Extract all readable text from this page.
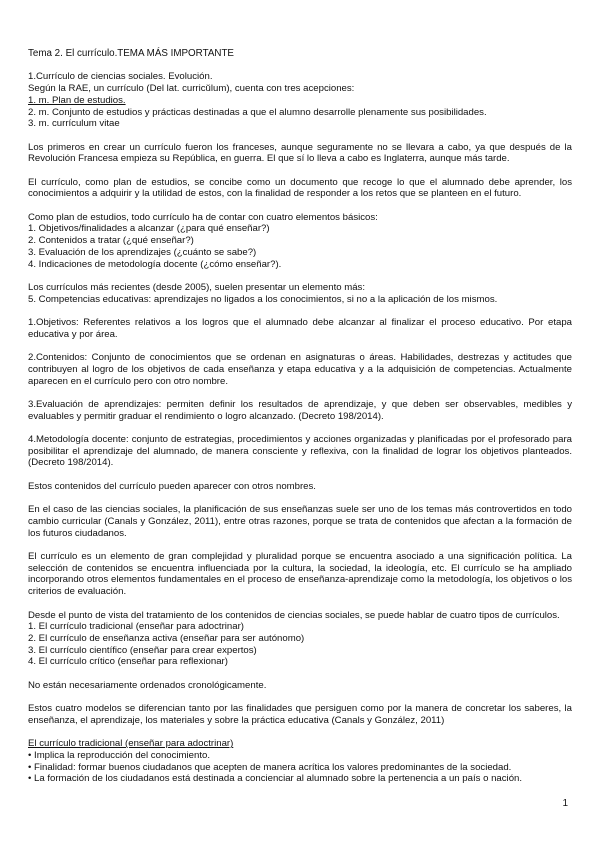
Tema 2. El currículo.TEMA MÁS IMPORTANTE

1.Currículo de ciencias sociales. Evolución.

Según la RAE, un currículo (Del lat. curricŭlum), cuenta con tres acepciones:

1. m. Plan de estudios.

2. m. Conjunto de estudios y prácticas destinadas a que el alumno desarrolle plenamente sus posibilidades.

3. m. currículum vitae

Los primeros en crear un currículo fueron los franceses, aunque seguramente no se llevara a cabo, ya que después de la Revolución Francesa empieza su República, en guerra. El que sí lo lleva a cabo es Inglaterra, aunque más tarde.

El currículo, como plan de estudios, se concibe como un documento que recoge lo que el alumnado debe aprender, los conocimientos a adquirir y la utilidad de estos, con la finalidad de responder a los retos que se planteen en el futuro.

Como plan de estudios, todo currículo ha de contar con cuatro elementos básicos:

1. Objetivos/finalidades a alcanzar (¿para qué enseñar?)

2. Contenidos a tratar (¿qué enseñar?)

3. Evaluación de los aprendizajes (¿cuánto se sabe?)

4. Indicaciones de metodología docente (¿cómo enseñar?).

Los currículos más recientes (desde 2005), suelen presentar un elemento más:

5. Competencias educativas: aprendizajes no ligados a los conocimientos, si no a la aplicación de los mismos.

1.Objetivos: Referentes relativos a los logros que el alumnado debe alcanzar al finalizar el proceso educativo. Por etapa educativa y por área.

2.Contenidos: Conjunto de conocimientos que se ordenan en asignaturas o áreas. Habilidades, destrezas y actitudes que contribuyen al logro de los objetivos de cada enseñanza y etapa educativa y a la adquisición de competencias. Actualmente aparecen en el currículo pero con otro nombre.

3.Evaluación de aprendizajes: permiten definir los resultados de aprendizaje, y que deben ser observables, medibles y evaluables y permitir graduar el rendimiento o logro alcanzado. (Decreto 198/2014).

4.Metodología docente: conjunto de estrategias, procedimientos y acciones organizadas y planificadas por el profesorado para posibilitar el aprendizaje del alumnado, de manera consciente y reflexiva, con la finalidad de lograr los objetivos planteados. (Decreto 198/2014).

Estos contenidos del currículo pueden aparecer con otros nombres.

En el caso de las ciencias sociales, la planificación de sus enseñanzas suele ser uno de los temas más controvertidos en todo cambio curricular (Canals y González, 2011), entre otras razones, porque se trata de contenidos que afectan a la formación de los futuros ciudadanos.

El currículo es un elemento de gran complejidad y pluralidad porque se encuentra asociado a una significación política. La selección de contenidos se encuentra influenciada por la cultura, la sociedad, la ideología, etc. El currículo se ha ampliado incorporando otros elementos fundamentales en el proceso de enseñanza-aprendizaje como la metodología, los objetivos o los criterios de evaluación.

Desde el punto de vista del tratamiento de los contenidos de ciencias sociales, se puede hablar de cuatro tipos de currículos.

1. El currículo tradicional (enseñar para adoctrinar)

2. El currículo de enseñanza activa (enseñar para ser autónomo)

3. El currículo científico (enseñar para crear expertos)

4. El currículo crítico (enseñar para reflexionar)

No están necesariamente ordenados cronológicamente.

Estos cuatro modelos se diferencian tanto por las finalidades que persiguen como por la manera de concretar los saberes, la enseñanza, el aprendizaje, los materiales y sobre la práctica educativa (Canals y González, 2011)

El currículo tradicional (enseñar para adoctrinar)

• Implica la reproducción del conocimiento.

• Finalidad: formar buenos ciudadanos que acepten de manera acrítica los valores predominantes de la sociedad.

• La formación de los ciudadanos está destinada a concienciar al alumnado sobre la pertenencia a un país o nación.

1
